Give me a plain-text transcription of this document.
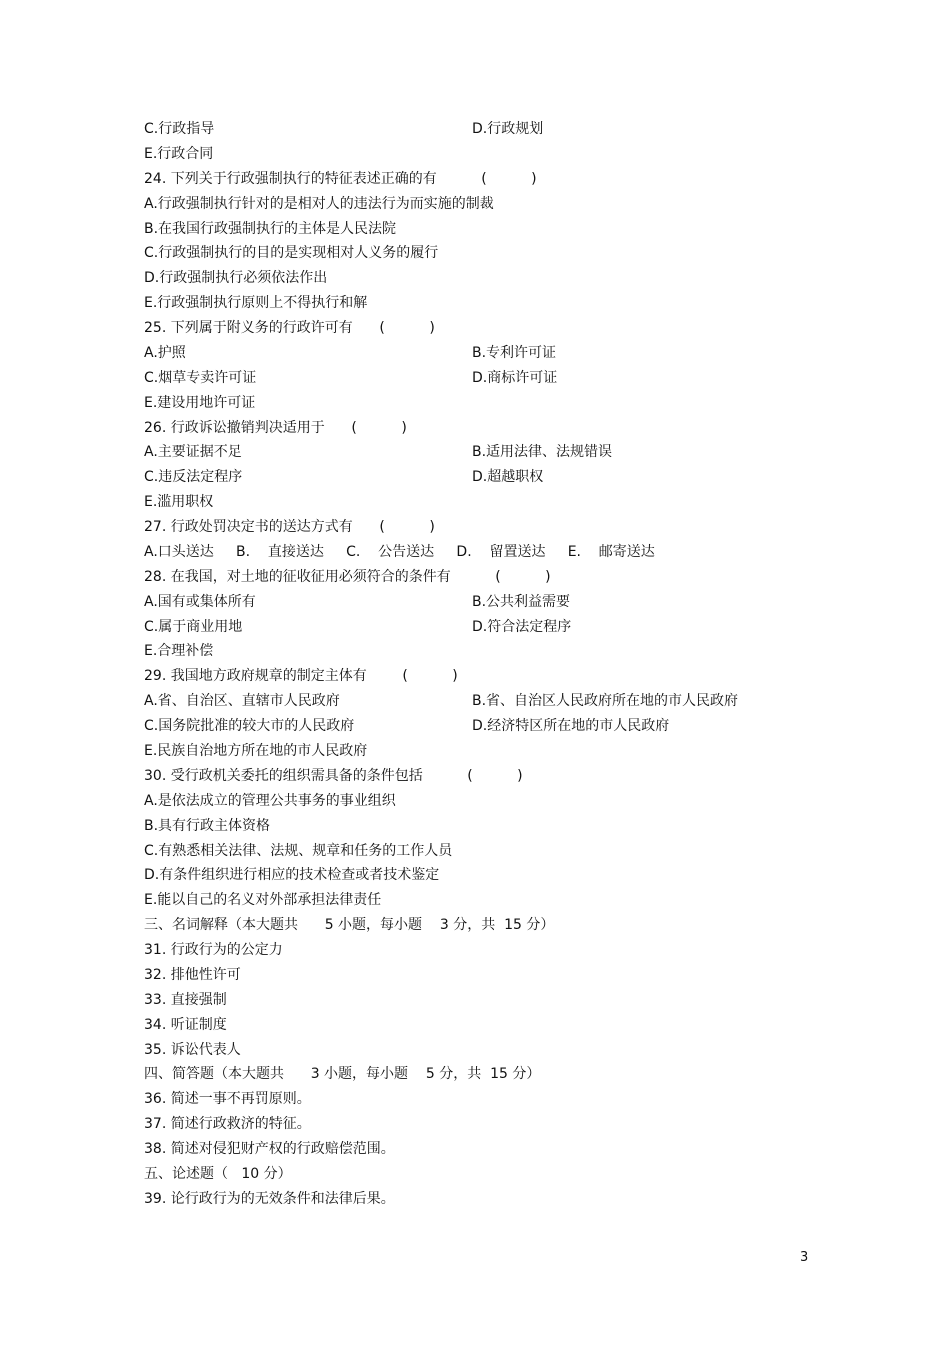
C.行政指导	D.行政规划
E.行政合同
24. 下列关于行政强制执行的特征表述正确的有          (          )
A.行政强制执行针对的是相对人的违法行为而实施的制裁
B.在我国行政强制执行的主体是人民法院
C.行政强制执行的目的是实现相对人义务的履行
D.行政强制执行必须依法作出
E.行政强制执行原则上不得执行和解
25. 下列属于附义务的行政许可有      (          )
A.护照	B.专利许可证
C.烟草专卖许可证	D.商标许可证
E.建设用地许可证
26. 行政诉讼撤销判决适用于      (          )
A.主要证据不足	B.适用法律、法规错误
C.违反法定程序	D.超越职权
E.滥用职权
27. 行政处罚决定书的送达方式有      (          )
A.口头送达     B.    直接送达     C.    公告送达     D.    留置送达     E.    邮寄送达
28. 在我国，对土地的征收征用必须符合的条件有          (          )
A.国有或集体所有	B.公共利益需要
C.属于商业用地	D.符合法定程序
E.合理补偿
29. 我国地方政府规章的制定主体有        (          )
A.省、自治区、直辖市人民政府	B.省、自治区人民政府所在地的市人民政府
C.国务院批准的较大市的人民政府	D.经济特区所在地的市人民政府
E.民族自治地方所在地的市人民政府
30. 受行政机关委托的组织需具备的条件包括          (          )
A.是依法成立的管理公共事务的事业组织
B.具有行政主体资格
C.有熟悉相关法律、法规、规章和任务的工作人员
D.有条件组织进行相应的技术检查或者技术鉴定
E.能以自己的名义对外部承担法律责任
三、名词解释（本大题共      5 小题，每小题    3 分，共  15 分）
31. 行政行为的公定力
32. 排他性许可
33. 直接强制
34. 听证制度
35. 诉讼代表人
四、简答题（本大题共      3 小题，每小题    5 分，共  15 分）
36. 简述一事不再罚原则。
37. 简述行政救济的特征。
38. 简述对侵犯财产权的行政赔偿范围。
五、论述题（   10 分）
39. 论行政行为的无效条件和法律后果。
3
